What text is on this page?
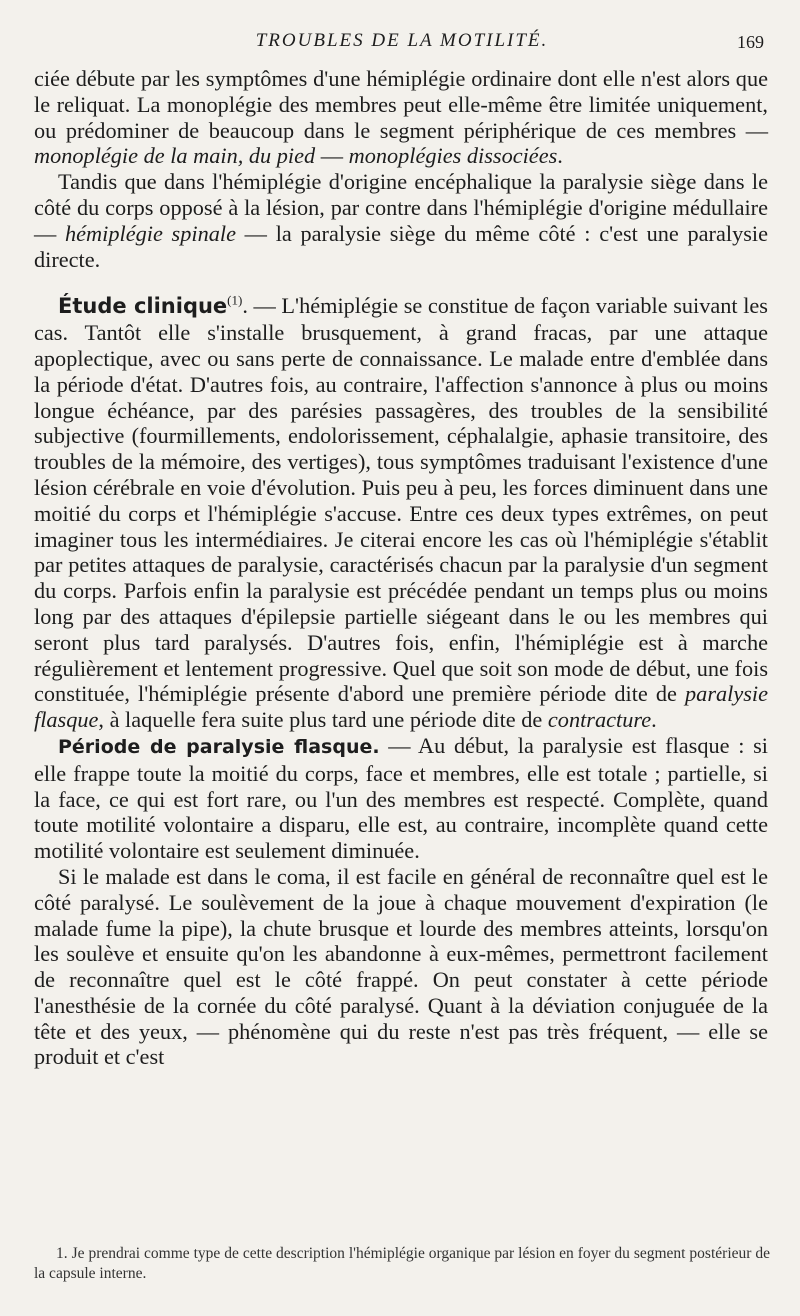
TROUBLES DE LA MOTILITÉ.	169

ciée débute par les symptômes d'une hémiplégie ordinaire dont elle n'est alors que le reliquat. La monoplégie des membres peut elle-même être limitée uniquement, ou prédominer de beaucoup dans le segment périphérique de ces membres — monoplégie de la main, du pied — monoplégies dissociées.

Tandis que dans l'hémiplégie d'origine encéphalique la paralysie siège dans le côté du corps opposé à la lésion, par contre dans l'hémiplégie d'origine médullaire — hémiplégie spinale — la paralysie siège du même côté : c'est une paralysie directe.

Étude clinique$^{(1)}$. — L'hémiplégie se constitue de façon variable suivant les cas. Tantôt elle s'installe brusquement, à grand fracas, par une attaque apoplectique, avec ou sans perte de connaissance. Le malade entre d'emblée dans la période d'état. D'autres fois, au contraire, l'affection s'annonce à plus ou moins longue échéance, par des parésies passagères, des troubles de la sensibilité subjective (fourmillements, endolorissement, céphalalgie, aphasie transitoire, des troubles de la mémoire, des vertiges), tous symptômes traduisant l'existence d'une lésion cérébrale en voie d'évolution. Puis peu à peu, les forces diminuent dans une moitié du corps et l'hémiplégie s'accuse. Entre ces deux types extrêmes, on peut imaginer tous les intermédiaires. Je citerai encore les cas où l'hémiplégie s'établit par petites attaques de paralysie, caractérisés chacun par la paralysie d'un segment du corps. Parfois enfin la paralysie est précédée pendant un temps plus ou moins long par des attaques d'épilepsie partielle siégeant dans le ou les membres qui seront plus tard paralysés. D'autres fois, enfin, l'hémiplégie est à marche régulièrement et lentement progressive. Quel que soit son mode de début, une fois constituée, l'hémiplégie présente d'abord une première période dite de paralysie flasque, à laquelle fera suite plus tard une période dite de contracture.

Période de paralysie flasque. — Au début, la paralysie est flasque : si elle frappe toute la moitié du corps, face et membres, elle est totale ; partielle, si la face, ce qui est fort rare, ou l'un des membres est respecté. Complète, quand toute motilité volontaire a disparu, elle est, au contraire, incomplète quand cette motilité volontaire est seulement diminuée.

Si le malade est dans le coma, il est facile en général de reconnaître quel est le côté paralysé. Le soulèvement de la joue à chaque mouvement d'expiration (le malade fume la pipe), la chute brusque et lourde des membres atteints, lorsqu'on les soulève et ensuite qu'on les abandonne à eux-mêmes, permettront facilement de reconnaître quel est le côté frappé. On peut constater à cette période l'anesthésie de la cornée du côté paralysé. Quant à la déviation conjuguée de la tête et des yeux, — phénomène qui du reste n'est pas très fréquent, — elle se produit et c'est

1. Je prendrai comme type de cette description l'hémiplégie organique par lésion en foyer du segment postérieur de la capsule interne.
